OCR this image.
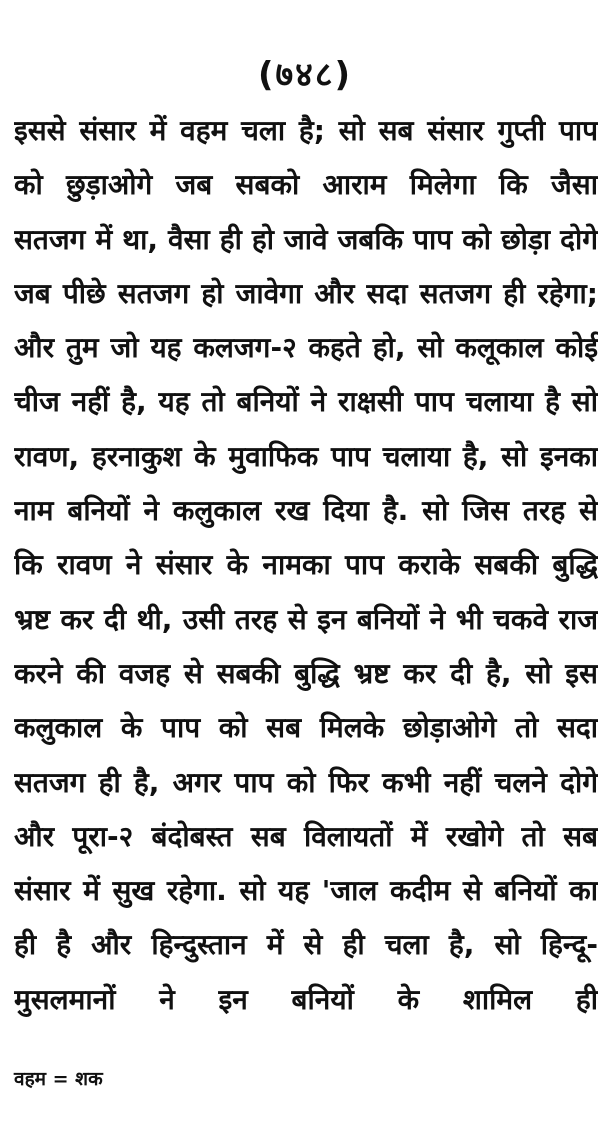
(७४८)
इससे संसार में वहम चला है; सो सब संसार गुप्ती पाप
को छुड़ाओगे जब सबको आराम मिलेगा कि जैसा
सतजग में था, वैसा ही हो जावे जबकि पाप को छोड़ा दोगे
जब पीछे सतजग हो जावेगा और सदा सतजग ही रहेगा;
और तुम जो यह कलजग-२ कहते हो, सो कलूकाल कोई
चीज नहीं है, यह तो बनियों ने राक्षसी पाप चलाया है सो
रावण, हरनाकुश के मुवाफिक पाप चलाया है, सो इनका
नाम बनियों ने कलुकाल रख दिया है. सो जिस तरह से
कि रावण ने संसार के नामका पाप कराके सबकी बुद्धि
भ्रष्ट कर दी थी, उसी तरह से इन बनियों ने भी चकवे राज
करने की वजह से सबकी बुद्धि भ्रष्ट कर दी है, सो इस
कलुकाल के पाप को सब मिलके छोड़ाओगे तो सदा
सतजग ही है, अगर पाप को फिर कभी नहीं चलने दोगे
और पूरा-२ बंदोबस्त सब विलायतों में रखोगे तो सब
संसार में सुख रहेगा. सो यह 'जाल कदीम से बनियों का
ही है और हिन्दुस्तान में से ही चला है, सो हिन्दू-
मुसलमानों ने इन बनियों के शामिल ही
वहम = शक
